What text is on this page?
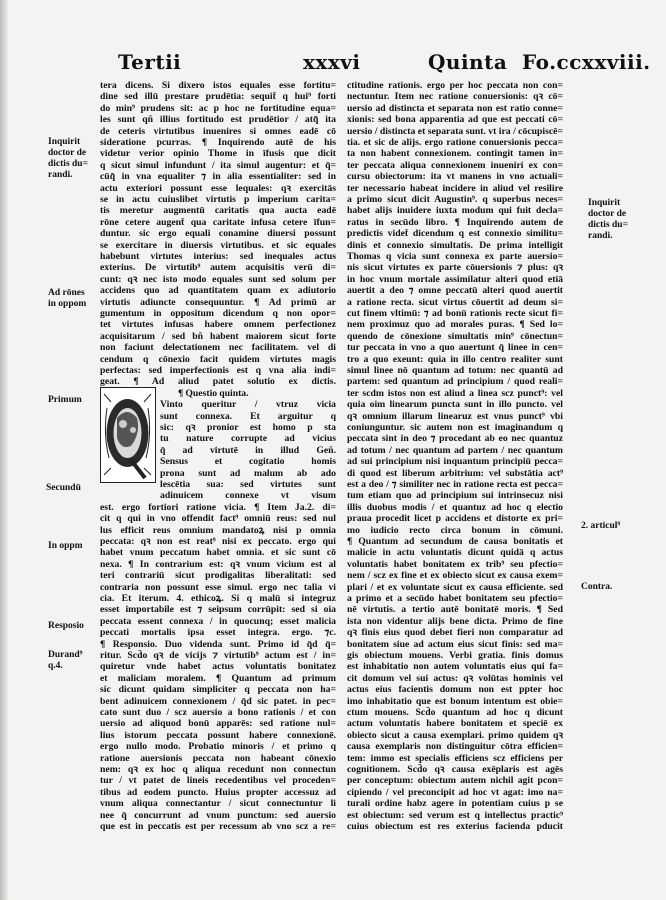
Tertii	xxxvi	Quinta Fo.ccxxviii.
tera dicens. Si dixero istos equales esse fortitu=
dine sed illū prestare prudētia: sequit̄ q hui⁹ forti
do min⁹ prudens sit: ac p hoc ne fortitudine equa=
les sunt qñ illius fortitudo est prudētior / atq̃ ita
de ceteris virtutibus inuenires si omnes eadē cō
sideratione pcurras. ¶ Inquirendo autē de his
videtur verior opinio Thome in īfusis que dicit
q sicut simul infundunt / ita simul augentur: et q̄=
cūq̃ in vna equaliter ⁊ in alia essentialiter: sed in
actu exteriori possunt esse lequales: qꝛ exercitās
se in actu cuiuslibet virtutis p imperium carita=
tis meretur augmentū caritatis qua aucta eadē
rōne cetere augent̄ qua caritate infusa cetere īfun=
duntur. sic ergo equali conamine diuersi possunt
se exercitare in diuersis virtutibus. et sic equales
habebunt virtutes interius: sed inequales actus
exterius. De virtutib⁹ autem acquisitis verū di=
cunt: qꝛ nec isto modo equales sunt sed solum per
accidens quo ad quantitatem quam ex adiutorio
virtutis adiuncte consequuntur. ¶ Ad primū ar
gumentum in oppositum dicendum q non opor=
tet virtutes infusas habere omnem perfectionez
acquisitarum / sed bñ habent maiorem sicut forte
non faciunt delectationem nec facilitatem. vel di
cendum q cōnexio facit quidem virtutes magis
perfectas: sed imperfectionis est q vna alia indi=
geat. ¶ Ad aliud patet solutio ex dictis.
¶ Questio quinta.
Vinto queritur / vtruz vicia
sunt connexa. Et arguitur q
sic: qꝛ pronior est homo p sta
tu nature corrupte ad vicius
q̄ ad virtutē in illud Geñ.
Sensus et cogitatio homis
prona sunt ad malum ab ado
lescētia sua: sed virtutes sunt
adinuicem connexe vt visum
est. ergo fortiori ratione vicia. ¶ Item Ja.2. di=
cit q qui in vno offendit fact⁹ omniū reus: sed nul
lus efficit reus omnium mandatoꝝ nisi p omnia
peccata: qꝛ non est reat⁹ nisi ex peccato. ergo qui
habet vnum peccatum habet omnia. et sic sunt cō
nexa. ¶ In contrarium est: qꝛ vnum vicium est al
teri contrariū sicut prodigalitas liberalitati: sed
contraria non possunt esse simul. ergo nec talia vi
cia. Et iterum. 4. ethicoꝝ. Si q malū si integruz
esset importabile est ⁊ seipsum corrūpit: sed si oia
peccata essent connexa / in quocunq; esset malicia
peccati mortalis ipsa esset integra. ergo. ⁊c.
¶ Responsio. Duo videnda sunt. Primo id q̄d q̄=
ritur. Scd̄o qꝛ de vicijs ⁊ virtutib⁹ actum est / in=
quiretur vnde habet actus voluntatis bonitatez
et maliciam moralem. ¶ Quantum ad primum
sic dicunt quidam simpliciter q peccata non ha=
bent adinuicem connexionem / q̄d sic patet. in pec=
cato sunt duo / scz auersio a bono rationis / et con
uersio ad aliquod bonū apparēs: sed ratione nul=
lius istorum peccata possunt habere connexionē.
ergo nullo modo. Probatio minoris / et primo q
ratione auersionis peccata non habeant cōnexio
nem: qꝛ ex hoc q aliqua recedunt non connectun
tur / vt patet de lineis recedentibus vel proceden=
tibus ad eodem puncto. Huius propter accessuz ad
vnum aliqua connectantur / sicut connectuntur li
nee q̄ concurrunt ad vnum punctum: sed auersio
que est in peccatis est per recessum ab vno scz a re=
ctitudine rationis. ergo per hoc peccata non con=
nectuntur. Item nec ratione conuersionis: qꝛ cō=
uersio ad distincta et separata non est ratio conne=
xionis: sed bona apparentia ad que est peccati cō=
uersio / distincta et separata sunt. vt ira / cōcupiscē=
tia. et sic de alijs. ergo ratione conuersionis pecca=
ta non habent connexionem. contingit tamen in=
ter peccata aliqua connexionem inueniri ex con=
cursu obiectorum: ita vt manens in vno actuali=
ter necessario habeat incidere in aliud vel resilire
a primo sicut dicit Augustin⁹. q superbus neces=
habet alijs inuidere iuxta modum qui fuit decla=
ratus in secūdo libro. ¶ Inquirendo autem de
predictis videt̄ dicendum q est connexio similitu=
dinis et connexio simultatis. De prima intelligit
Thomas q vicia sunt connexa ex parte auersio=
nis sicut virtutes ex parte cōuersionis ⁊ plus: qꝛ
in hoc vnum mortale assimilatur alteri quod etiā
auertit a deo ⁊ omne peccatū alteri quod auertit
a ratione recta. sicut virtus cōuertit ad deum si=
cut finem vltimū: ⁊ ad bonū rationis recte sicut fi=
nem proximuz quo ad morales puras. ¶ Sed lo=
quendo de cōnexione simultatis min⁹ cōnectun=
tur peccata in vno a quo auertunt q̄ linee in cen=
tro a quo exeunt: quia in illo centro realiter sunt
simul linee nō quantum ad totum: nec quantū ad
partem: sed quantum ad principium / quod reali=
ter scdm istos non est aliud a linea scz punct⁹: vel
quia oim linearum puncta sunt in illo puncto. vel
qꝛ omnium illarum linearuz est vnus punct⁹ vbi
coniunguntur. sic autem non est imaginandum q
peccata sint in deo ⁊ procedant ab eo nec quantuz
ad totum / nec quantum ad partem / nec quantum
ad sui principium nisi inquantum principiū pecca=
di quod est liberum arbitrium: vel substātia act⁹
est a deo / ⁊ similiter nec in ratione recta est pecca=
tum etiam quo ad principium sui intrinsecuz nisi
illis duobus modis / et quantuz ad hoc q electio
praua procedit licet p accidens et distorte ex pri=
mo iudicio recto circa bonum in cōmuni.
¶ Quantum ad secundum de causa bonitatis et
malicie in actu voluntatis dicunt quidā q actus
voluntatis habet bonitatem ex trib⁹ seu pfectio=
nem / scz ex fine et ex obiecto sicut ex causa exem=
plari / et ex voluntate sicut ex causa efficiente. sed
a primo et a secūdo habet bonitatem seu pfectio=
nē virtutis. a tertio autē bonitatē moris. ¶ Sed
ista non videntur alijs bene dicta. Primo de fine
qꝛ finis eius quod debet fieri non comparatur ad
bonitatem siue ad actum eius sicut finis: sed ma=
gis obiectum mouens. Verbi gratia. finis domus
est inhabitatio non autem voluntatis eius qui fa=
cit domum vel sui actus: qꝛ volūtas hominis vel
actus eius facientis domum non est ppter hoc
imo inhabitatio que est bonum intentum est obie=
ctum mouens. Scd̄o quantum ad hoc q dicunt
actum voluntatis habere bonitatem et speciē ex
obiecto sicut a causa exemplari. primo quidem qꝛ
causa exemplaris non distinguitur cōtra efficien=
tem: immo est specialis efficiens scz efficiens per
cognitionem. Scd̄o qꝛ causa exēplaris est agēs
per conceptum: obiectum autem nichil agit pcon=
cipiendo / vel preconcipit ad hoc vt agat: imo na=
turali ordine habz agere in potentiam cuius p se
est obiectum: sed verum est q intellectus practic⁹
cuius obiectum est res exterius facienda pducit
Inquirit
doctor de
dictis du=
randi.
Ad rōnes
in oppom
Primum
Secundū
In oppm
Resposio
Durand⁹
q.4.
Inquirit
doctor de
dictis du=
randi.
2. articul⁹
Contra.
